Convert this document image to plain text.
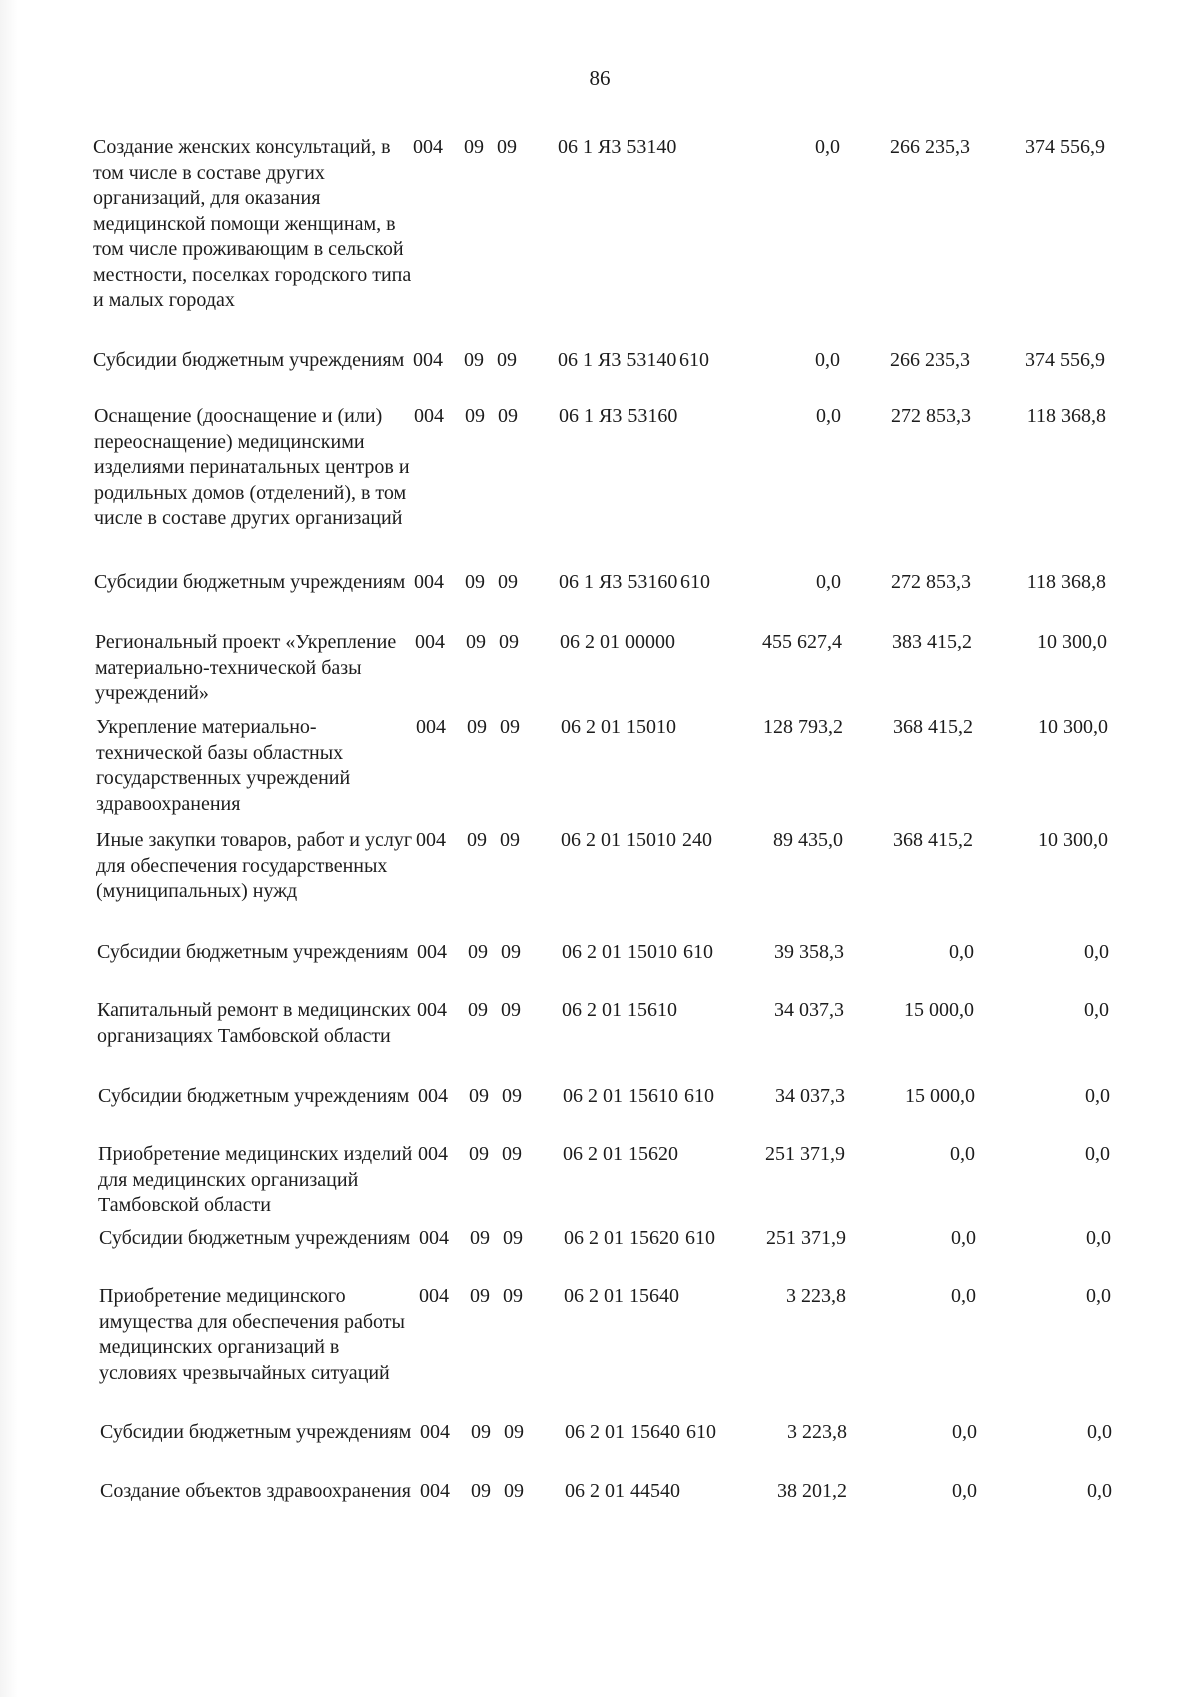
86
Создание женских консультаций, в том числе в составе других организаций, для оказания медицинской помощи женщинам, в том числе проживающим в сельской местности, поселках городского типа и малых городах
004 09 09 06 1 Я3 53140	0,0	266 235,3	374 556,9
Субсидии бюджетным учреждениям 004 09 09 06 1 Я3 53140 610	0,0	266 235,3	374 556,9
Оснащение (дооснащение и (или) переоснащение) медицинскими изделиями перинатальных центров и родильных домов (отделений), в том числе в составе других организаций
004 09 09 06 1 Я3 53160	0,0	272 853,3	118 368,8
Субсидии бюджетным учреждениям 004 09 09 06 1 Я3 53160 610	0,0	272 853,3	118 368,8
Региональный проект «Укрепление материально-технической базы учреждений»
004 09 09 06 2 01 00000	455 627,4	383 415,2	10 300,0
Укрепление материально-технической базы областных государственных учреждений здравоохранения
004 09 09 06 2 01 15010	128 793,2	368 415,2	10 300,0
Иные закупки товаров, работ и услуг для обеспечения государственных (муниципальных) нужд
004 09 09 06 2 01 15010 240	89 435,0	368 415,2	10 300,0
Субсидии бюджетным учреждениям 004 09 09 06 2 01 15010 610	39 358,3	0,0	0,0
Капитальный ремонт в медицинских организациях Тамбовской области
004 09 09 06 2 01 15610	34 037,3	15 000,0	0,0
Субсидии бюджетным учреждениям 004 09 09 06 2 01 15610 610	34 037,3	15 000,0	0,0
Приобретение медицинских изделий для медицинских организаций Тамбовской области
004 09 09 06 2 01 15620	251 371,9	0,0	0,0
Субсидии бюджетным учреждениям 004 09 09 06 2 01 15620 610	251 371,9	0,0	0,0
Приобретение медицинского имущества для обеспечения работы медицинских организаций в условиях чрезвычайных ситуаций
004 09 09 06 2 01 15640	3 223,8	0,0	0,0
Субсидии бюджетным учреждениям 004 09 09 06 2 01 15640 610	3 223,8	0,0	0,0
Создание объектов здравоохранения 004 09 09 06 2 01 44540	38 201,2	0,0	0,0
